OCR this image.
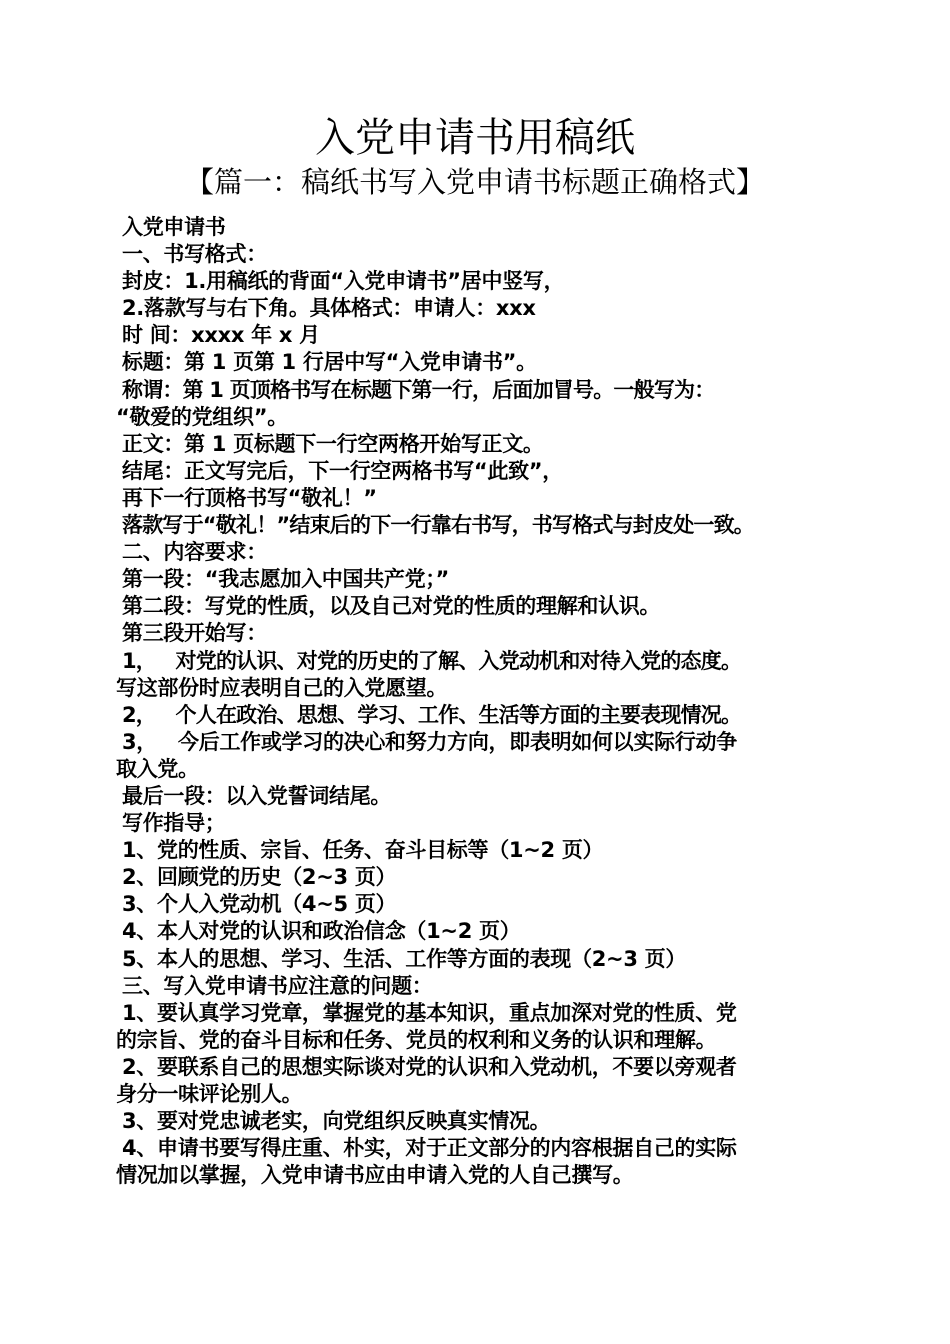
入党申请书用稿纸
【篇一：稿纸书写入党申请书标题正确格式】
入党申请书
一、书写格式：
封皮：1.用稿纸的背面“入党申请书”居中竖写，
2.落款写与右下角。具体格式：申请人：xxx
时 间：xxxx 年 x 月
标题：第 1 页第 1 行居中写“入党申请书”。
称谓：第 1 页顶格书写在标题下第一行，后面加冒号。一般写为：
“敬爱的党组织”。
正文：第 1 页标题下一行空两格开始写正文。
结尾：正文写完后，下一行空两格书写“此致”，
再下一行顶格书写“敬礼！”
落款写于“敬礼！”结束后的下一行靠右书写，书写格式与封皮处一致。
二、内容要求：
第一段：“我志愿加入中国共产党；”
第二段：写党的性质，以及自己对党的性质的理解和认识。
第三段开始写：
1，   对党的认识、对党的历史的了解、入党动机和对待入党的态度。
写这部份时应表明自己的入党愿望。
2，   个人在政治、思想、学习、工作、生活等方面的主要表现情况。
3，   今后工作或学习的决心和努力方向，即表明如何以实际行动争
取入党。
最后一段：以入党誓词结尾。
写作指导；
1、党的性质、宗旨、任务、奋斗目标等（1~2 页）
2、回顾党的历史（2~3 页）
3、个人入党动机（4~5 页）
4、本人对党的认识和政治信念（1~2 页）
5、本人的思想、学习、生活、工作等方面的表现（2~3 页）
三、写入党申请书应注意的问题：
1、要认真学习党章，掌握党的基本知识，重点加深对党的性质、党
的宗旨、党的奋斗目标和任务、党员的权利和义务的认识和理解。
2、要联系自己的思想实际谈对党的认识和入党动机，不要以旁观者
身分一味评论别人。
3、要对党忠诚老实，向党组织反映真实情况。
4、申请书要写得庄重、朴实，对于正文部分的内容根据自己的实际
情况加以掌握，入党申请书应由申请入党的人自己撰写。
